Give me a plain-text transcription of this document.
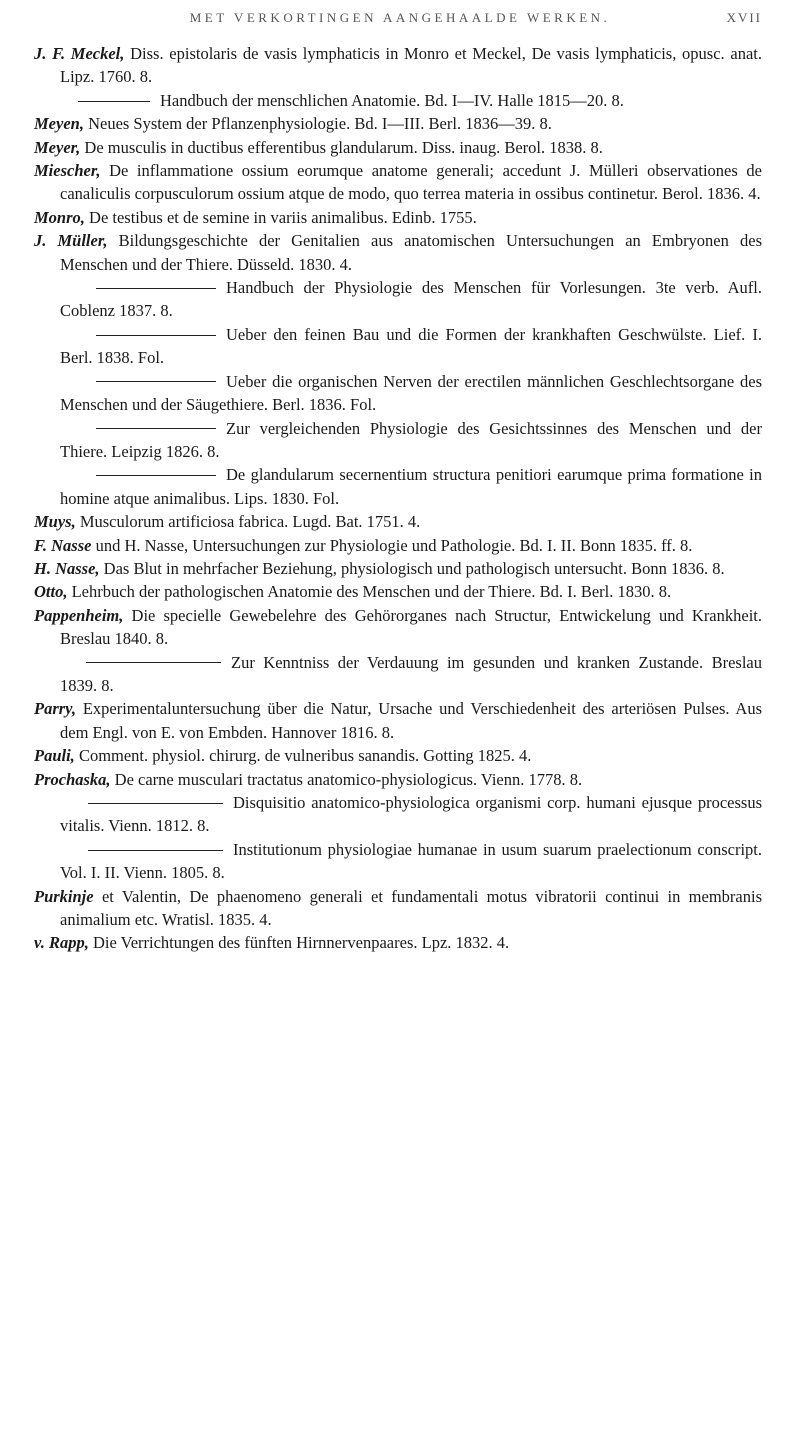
MET VERKORTINGEN AANGEHAALDE WERKEN.	XVII

J. F. Meckel, Diss. epistolaris de vasis lymphaticis in Monro et Meckel, De vasis lymphaticis, opusc. anat. Lipz. 1760. 8.

Handbuch der menschlichen Anatomie. Bd. I—IV. Halle 1815—20. 8.

Meyen, Neues System der Pflanzenphysiologie. Bd. I—III. Berl. 1836—39. 8.

Meyer, De musculis in ductibus efferentibus glandularum. Diss. inaug. Berol. 1838. 8.

Miescher, De inflammatione ossium eorumque anatome generali; accedunt J. Mülleri observationes de canaliculis corpusculorum ossium atque de modo, quo terrea materia in ossibus continetur. Berol. 1836. 4.

Monro, De testibus et de semine in variis animalibus. Edinb. 1755.

J. Müller, Bildungsgeschichte der Genitalien aus anatomischen Untersuchungen an Embryonen des Menschen und der Thiere. Düsseld. 1830. 4.

Handbuch der Physiologie des Menschen für Vorlesungen. 3te verb. Aufl. Coblenz 1837. 8.

Ueber den feinen Bau und die Formen der krankhaften Geschwülste. Lief. I. Berl. 1838. Fol.

Ueber die organischen Nerven der erectilen männlichen Geschlechtsorgane des Menschen und der Säugethiere. Berl. 1836. Fol.

Zur vergleichenden Physiologie des Gesichtssinnes des Menschen und der Thiere. Leipzig 1826. 8.

De glandularum secernentium structura penitiori earumque prima formatione in homine atque animalibus. Lips. 1830. Fol.

Muys, Musculorum artificiosa fabrica. Lugd. Bat. 1751. 4.

F. Nasse und H. Nasse, Untersuchungen zur Physiologie und Pathologie. Bd. I. II. Bonn 1835. ff. 8.

H. Nasse, Das Blut in mehrfacher Beziehung, physiologisch und pathologisch untersucht. Bonn 1836. 8.

Otto, Lehrbuch der pathologischen Anatomie des Menschen und der Thiere. Bd. I. Berl. 1830. 8.

Pappenheim, Die specielle Gewebelehre des Gehörorganes nach Structur, Entwickelung und Krankheit. Breslau 1840. 8.

Zur Kenntniss der Verdauung im gesunden und kranken Zustande. Breslau 1839. 8.

Parry, Experimentaluntersuchung über die Natur, Ursache und Verschiedenheit des arteriösen Pulses. Aus dem Engl. von E. von Embden. Hannover 1816. 8.

Pauli, Comment. physiol. chirurg. de vulneribus sanandis. Gotting 1825. 4.

Prochaska, De carne musculari tractatus anatomico-physiologicus. Vienn. 1778. 8.

Disquisitio anatomico-physiologica organismi corp. humani ejusque processus vitalis. Vienn. 1812. 8.

Institutionum physiologiae humanae in usum suarum praelectionum conscript. Vol. I. II. Vienn. 1805. 8.

Purkinje et Valentin, De phaenomeno generali et fundamentali motus vibratorii continui in membranis animalium etc. Wratisl. 1835. 4.

v. Rapp, Die Verrichtungen des fünften Hirnnervenpaares. Lpz. 1832. 4.
